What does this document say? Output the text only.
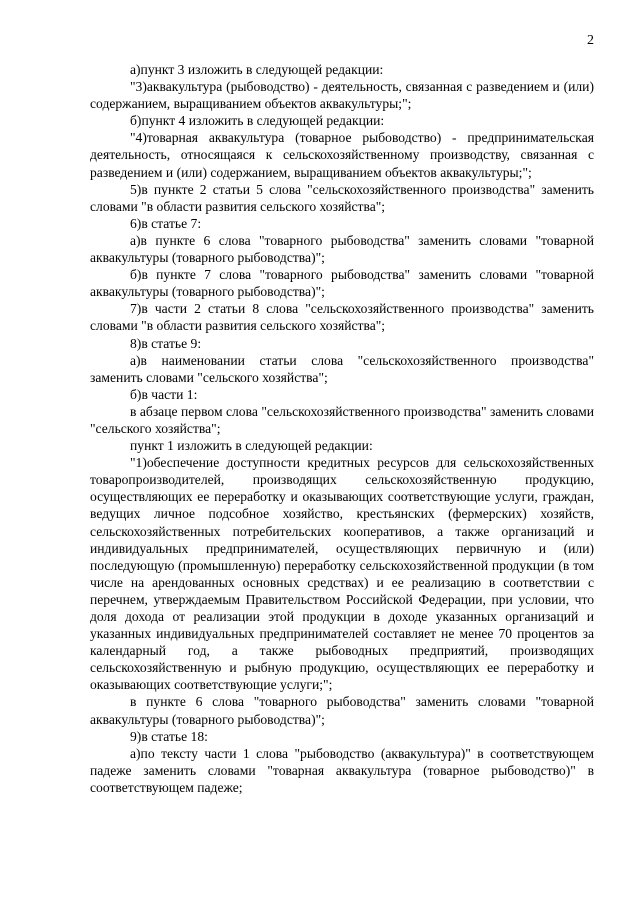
2

а)пункт 3 изложить в следующей редакции:

"3)аквакультура (рыбоводство) - деятельность, связанная с разведением и (или) содержанием, выращиванием объектов аквакультуры;";

б)пункт 4 изложить в следующей редакции:

"4)товарная аквакультура (товарное рыбоводство) - предпринимательская деятельность, относящаяся к сельскохозяйственному производству, связанная с разведением и (или) содержанием, выращиванием объектов аквакультуры;";

5)в пункте 2 статьи 5 слова "сельскохозяйственного производства" заменить словами "в области развития сельского хозяйства";

6)в статье 7:

а)в пункте 6 слова "товарного рыбоводства" заменить словами "товарной аквакультуры (товарного рыбоводства)";

б)в пункте 7 слова "товарного рыбоводства" заменить словами "товарной аквакультуры (товарного рыбоводства)";

7)в части 2 статьи 8 слова "сельскохозяйственного производства" заменить словами "в области развития сельского хозяйства";

8)в статье 9:

а)в наименовании статьи слова "сельскохозяйственного производства" заменить словами "сельского хозяйства";

б)в части 1:

в абзаце первом слова "сельскохозяйственного производства" заменить словами "сельского хозяйства";

пункт 1 изложить в следующей редакции:

"1)обеспечение доступности кредитных ресурсов для сельскохозяйственных товаропроизводителей, производящих сельскохозяйственную продукцию, осуществляющих ее переработку и оказывающих соответствующие услуги, граждан, ведущих личное подсобное хозяйство, крестьянских (фермерских) хозяйств, сельскохозяйственных потребительских кооперативов, а также организаций и индивидуальных предпринимателей, осуществляющих первичную и (или) последующую (промышленную) переработку сельскохозяйственной продукции (в том числе на арендованных основных средствах) и ее реализацию в соответствии с перечнем, утверждаемым Правительством Российской Федерации, при условии, что доля дохода от реализации этой продукции в доходе указанных организаций и указанных индивидуальных предпринимателей составляет не менее 70 процентов за календарный год, а также рыбоводных предприятий, производящих сельскохозяйственную и рыбную продукцию, осуществляющих ее переработку и оказывающих соответствующие услуги;";

в пункте 6 слова "товарного рыбоводства" заменить словами "товарной аквакультуры (товарного рыбоводства)";

9)в статье 18:

а)по тексту части 1 слова "рыбоводство (аквакультура)" в соответствующем падеже заменить словами "товарная аквакультура (товарное рыбоводство)" в соответствующем падеже;
